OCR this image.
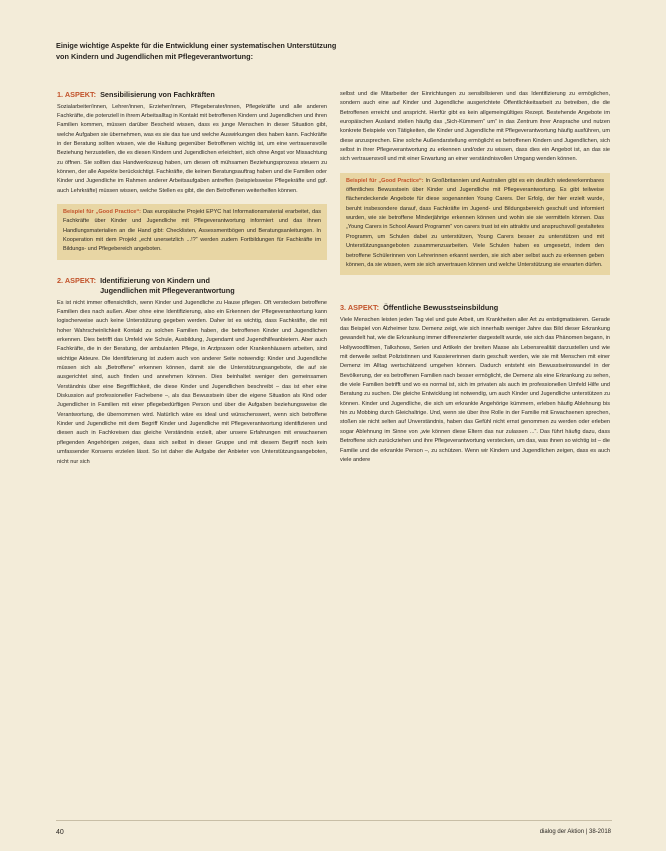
Einige wichtige Aspekte für die Entwicklung einer systematischen Unterstützung
von Kindern und Jugendlichen mit Pflegeverantwortung:
1. ASPEKT: Sensibilisierung von Fachkräften

Sozialarbeiter/innen, Lehrer/innen, Erzieher/innen, Pflegeberater/innen, Pflegekräfte und alle anderen Fachkräfte, die potenziell in ihrem Arbeitsalltag in Kontakt mit betroffenen Kindern und Jugendlichen und ihren Familien kommen, müssen darüber Bescheid wissen, dass es junge Menschen in dieser Situation gibt, welche Aufgaben sie übernehmen, was es sie das tue und welche Auswirkungen dies haben kann. Fachkräfte in der Beratung sollten wissen, wie die Haltung gegenüber Betroffenen wichtig ist, um eine vertrauensvolle Beziehung herzustellen, die es diesen Kindern und Jugendlichen erleichtert, sich ohne Angst vor Missachtung zu öffnen. Sie sollten das Handwerkszeug haben, um diesen oft mühsamen Beziehungsprozess steuern zu können, der alle Aspekte berücksichtigt. Fachkräfte, die keinen Beratungsauftrag haben und die Familien oder Kinder und Jugendliche im Rahmen anderer Arbeitsaufgaben antreffen (beispielsweise Pflegekräfte und ggf. auch Lehrkräfte) müssen wissen, welche Stellen es gibt, die den Betroffenen weiterhelfen können.

Beispiel für „Good Practice“: Das europäische Projekt EPYC hat Informationsmaterial erarbeitet, das Fachkräfte über Kinder und Jugendliche mit Pflegeverantwortung informiert und das ihnen Handlungsmaterialien an die Hand gibt: Checklisten, Assessmentbögen und Beratungsanleitungen. In Kooperation mit dem Projekt „echt unersetzlich ...!?“ werden zudem Fortbildungen für Fachkräfte im Bildungs- und Pflegebereich angeboten.
2. ASPEKT: Identifizierung von Kindern und
Jugendlichen mit Pflegeverantwortung

Es ist nicht immer offensichtlich, wenn Kinder und Jugendliche zu Hause pflegen. Oft verstecken betroffene Familien dies nach außen. Aber ohne eine Identifizierung, also ein Erkennen der Pflegeverantwortung kann logischerweise auch keine Unterstützung gegeben werden. Daher ist es wichtig, dass Fachkräfte, die mit hoher Wahrscheinlichkeit Kontakt zu solchen Familien haben, die betroffenen Kinder und Jugendlichen erkennen. Dies betrifft das Umfeld wie Schule, Ausbildung, Jugendamt und Jugendhilfeanbietern. Aber auch Fachkräfte, die in der Beratung, der ambulanten Pflege, in Arztpraxen oder Krankenhäusern arbeiten, sind wichtige Akteure. Die Identifizierung ist zudem auch von anderer Seite notwendig: Kinder und Jugendliche müssen sich als „Betroffene“ erkennen können, damit sie die Unterstützungsangebote, die auf sie ausgerichtet sind, auch finden und annehmen können. Dies beinhaltet weniger den gemeinsamen Verständnis über eine Begrifflichkeit, die diese Kinder und Jugendlichen beschreibt – das ist eher eine Diskussion auf professioneller Fachebene –, als das Bewusstsein über die eigene Situation als Kind oder Jugendlicher in Familien mit einer pflegebedürftigen Person und über die Aufgaben beziehungsweise die Verantwortung, die übernommen wird. Natürlich wäre es ideal und wünschenswert, wenn sich betroffene Kinder und Jugendliche mit dem Begriff Kinder und Jugendliche mit Pflegeverantwortung identifizieren und diesen auch in Fachkreisen das gleiche Verständnis erzielt, aber unsere Erfahrungen mit erwachsenen pflegenden Angehörigen zeigen, dass sich selbst in dieser Gruppe und mit diesem Begriff noch kein umfassender Konsens erzielen lässt. So ist daher die Aufgabe der Anbieter von Unterstützungsangeboten, nicht nur sich

selbst und die Mitarbeiter der Einrichtungen zu sensibilisieren und das Identifizierung zu ermöglichen, sondern auch eine auf Kinder und Jugendliche ausgerichtete Öffentlichkeitsarbeit zu betreiben, die die Betroffenen erreicht und anspricht. Hierfür gibt es kein allgemeingültiges Rezept. Bestehende Angebote im europäischen Ausland stellen häufig das „Sich-Kümmern“ um“ in das Zentrum ihrer Ansprache und nutzen konkrete Beispiele von Tätigkeiten, die Kinder und Jugendliche mit Pflegeverantwortung häufig ausführen, um diese anzusprechen. Eine solche Außendarstellung ermöglicht es betroffenen Kindern und Jugendlichen, sich selbst in ihrer Pflegeverantwortung zu erkennen und/oder zu wissen, dass dies ein Angebot ist, an das sie sich vertrauensvoll und mit einer Erwartung an einer verständnisvollen Umgang wenden können.

Beispiel für „Good Practice“: In Großbritannien und Australien gibt es ein deutlich wiedererkennbares öffentliches Bewusstsein über Kinder und Jugendliche mit Pflegeverantwortung. Es gibt teilweise flächendeckende Angebote für diese sogenannten Young Carers. Der Erfolg, der hier erzielt wurde, beruht insbesondere darauf, dass Fachkräfte im Jugend- und Bildungsbereich geschult und informiert wurden, wie sie betroffene Minderjährige erkennen können und wohin sie sie vermitteln können. Das „Young Carers in School Award Programm“ von carers trust ist ein attraktiv und anspruchsvoll gestaltetes Programm, um Schulen dabei zu unterstützen, Young Carers besser zu unterstützen und mit Unterstützungsangeboten zusammenzuarbeiten. Viele Schulen haben es umgesetzt, indem den betroffene Schülerinnen von Lehrerinnen erkannt werden, sie sich aber selbst auch zu erkennen geben können, da sie wissen, wem sie sich anvertrauen können und welche Unterstützung sie erwarten dürfen.
3. ASPEKT: Öffentliche Bewusstseinsbildung

Viele Menschen leisten jeden Tag viel und gute Arbeit, um Krankheiten aller Art zu entstigmatisieren. Gerade das Beispiel von Alzheimer bzw. Demenz zeigt, wie sich innerhalb weniger Jahre das Bild dieser Erkrankung gewandelt hat, wie die Erkrankung immer differenzierter dargestellt wurde, wie sich das Phänomen begann, in Hollywoodfilmen, Talkshows, Serien und Artikeln der breiten Masse als Lebensrealität darzustellen und wie mit derweile selbst Polizistinnen und Kassiererinnen darin geschult werden, wie sie mit Menschen mit einer Demenz im Alltag wertschätzend umgehen können. Dadurch entsteht ein Bewusstseinswandel in der Bevölkerung, der es betroffenen Familien nach besser ermöglicht, die Demenz als eine Erkrankung zu sehen, die viele Familien betrifft und wo es normal ist, sich im privaten als auch im professionellen Umfeld Hilfe und Beratung zu suchen. Die gleiche Entwicklung ist notwendig, um auch Kinder und Jugendliche unterstützen zu können. Kinder und Jugendliche, die sich um erkrankte Angehörige kümmern, erleben häufig Ablehnung bis hin zu Mobbing durch Gleichaltrige. Und, wenn sie über ihre Rolle in der Familie mit Erwachsenen sprechen, stoßen sie nicht selten auf Unverständnis, haben das Gefühl nicht ernst genommen zu werden oder erleben sogar Ablehnung im Sinne von „wie können diese Eltern das nur zulassen ...“. Das führt häufig dazu, dass Betroffene sich zurückziehen und ihre Pflegeverantwortung verstecken, um das, was ihnen so wichtig ist – die Familie und die erkrankte Person –, zu schützen. Wenn wir Kindern und Jugendlichen zeigen, dass es auch viele andere

40	dialog der Aktion | 38-2018
